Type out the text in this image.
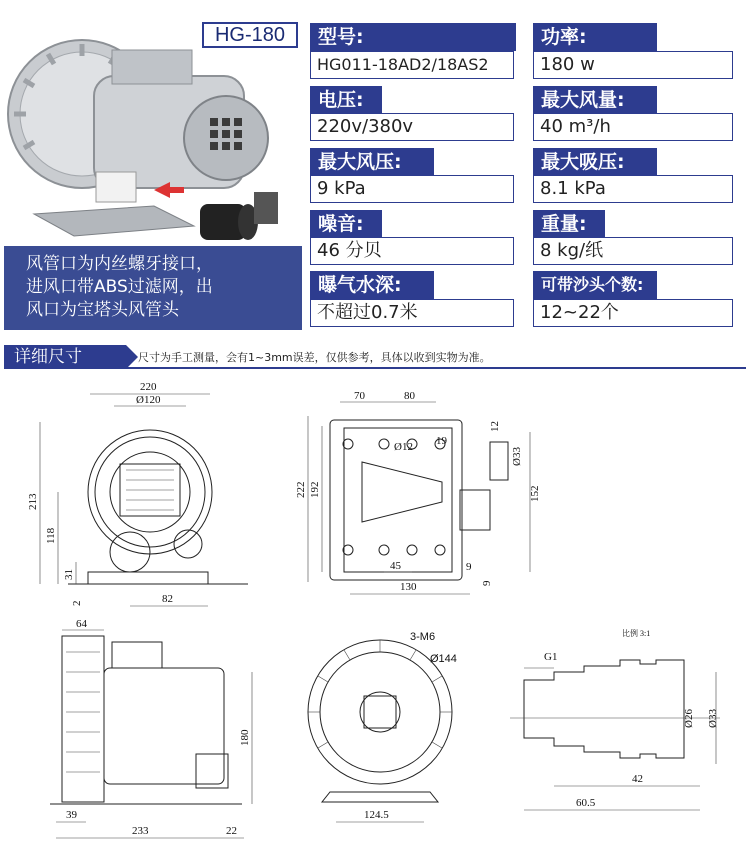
HG-180
风管口为内丝螺牙接口，
进风口带ABS过滤网，出
风口为宝塔头风管头
型号:
HG011-18AD2/18AS2
功率:
180 w
电压:
220v/380v
最大风量:
40 m³/h
最大风压:
9 kPa
最大吸压:
8.1 kPa
噪音:
46 分贝
重量:
8 kg/纸
曝气水深:
不超过0.7米
可带沙头个数:
12~22个
详细尺寸	尺寸为手工测量，会有1~3mm误差，仅供参考，具体以收到实物为准。
220
Ø120
213
118
31
2	82
70	80
Ø12 19
12
222 192
Ø33
152
45
130
9
9
64
180
39
233	22
3-M6
Ø144
124.5
比例 3:1
G1
Ø26 Ø33
42
60.5
